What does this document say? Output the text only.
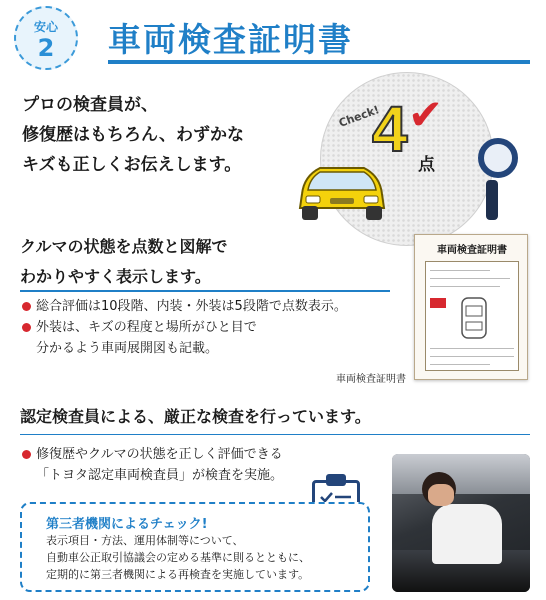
安心
2	車両検査証明書
プロの検査員が、
修復歴はもちろん、わずかな
キズも正しくお伝えします。
Check!
4 ✔
点
クルマの状態を点数と図解で
わかりやすく表示します。
総合評価は10段階、内装・外装は5段階で点数表示。
外装は、キズの程度と場所がひと目で
分かるよう車両展開図も記載。
車両検査証明書
車両検査証明書
認定検査員による、厳正な検査を行っています。
修復歴やクルマの状態を正しく評価できる
「トヨタ認定車両検査員」が検査を実施。
第三者機関によるチェック!
表示項目・方法、運用体制等について、
自動車公正取引協議会の定める基準に則るとともに、
定期的に第三者機関による再検査を実施しています。
